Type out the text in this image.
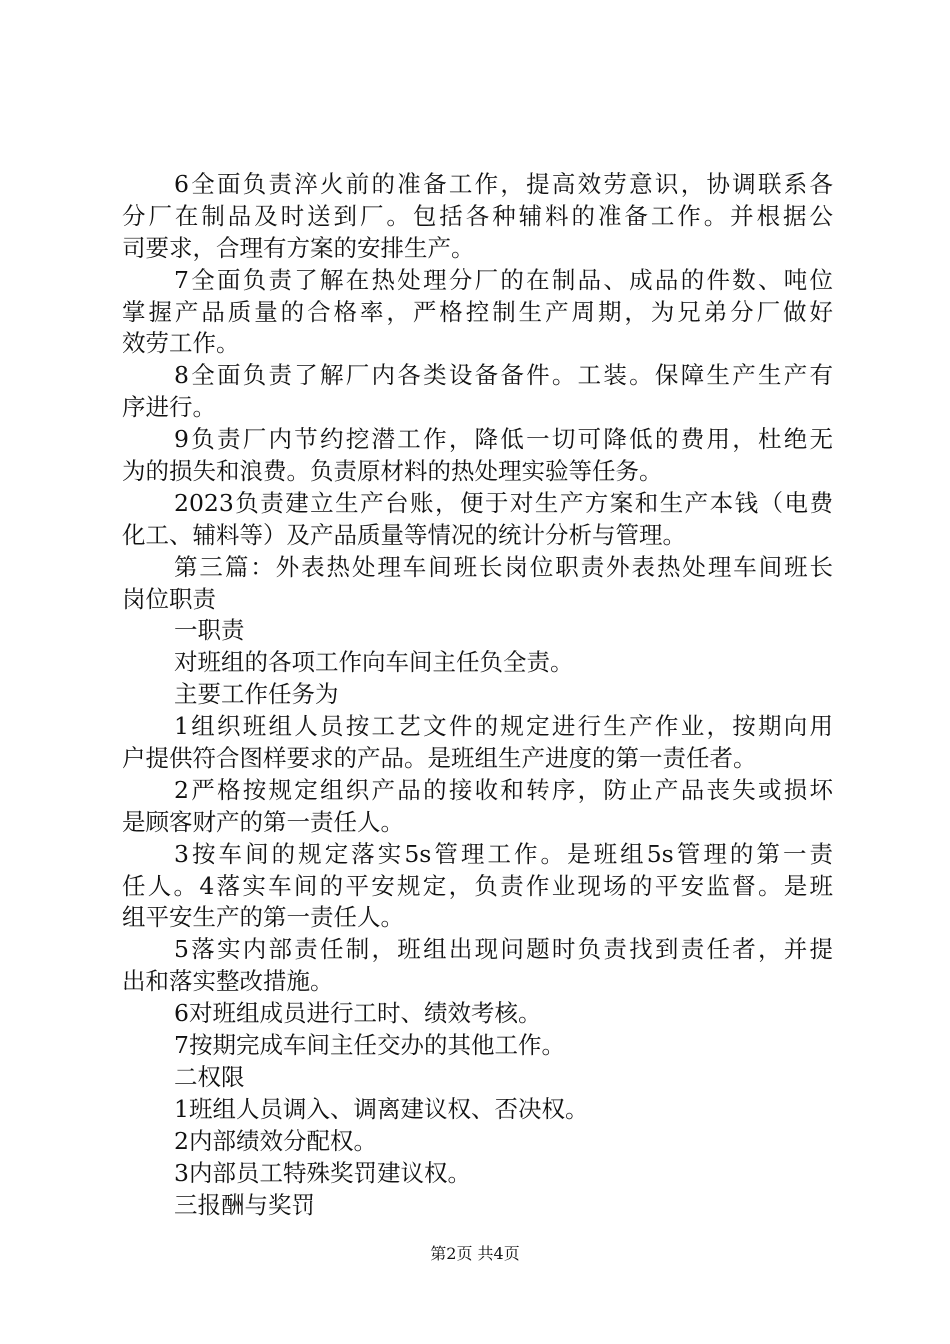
6全面负责淬火前的准备工作，提高效劳意识，协调联系各
分厂在制品及时送到厂。包括各种辅料的准备工作。并根据公
司要求，合理有方案的安排生产。
7全面负责了解在热处理分厂的在制品、成品的件数、吨位
掌握产品质量的合格率，严格控制生产周期，为兄弟分厂做好
效劳工作。
8全面负责了解厂内各类设备备件。工装。保障生产生产有
序进行。
9负责厂内节约挖潜工作，降低一切可降低的费用，杜绝无
为的损失和浪费。负责原材料的热处理实验等任务。
2023负责建立生产台账，便于对生产方案和生产本钱（电费
化工、辅料等）及产品质量等情况的统计分析与管理。
第三篇：外表热处理车间班长岗位职责外表热处理车间班长
岗位职责
一职责
对班组的各项工作向车间主任负全责。
主要工作任务为
1组织班组人员按工艺文件的规定进行生产作业，按期向用
户提供符合图样要求的产品。是班组生产进度的第一责任者。
2严格按规定组织产品的接收和转序，防止产品丧失或损坏
是顾客财产的第一责任人。
3按车间的规定落实5s管理工作。是班组5s管理的第一责
任人。4落实车间的平安规定，负责作业现场的平安监督。是班
组平安生产的第一责任人。
5落实内部责任制，班组出现问题时负责找到责任者，并提
出和落实整改措施。
6对班组成员进行工时、绩效考核。
7按期完成车间主任交办的其他工作。
二权限
1班组人员调入、调离建议权、否决权。
2内部绩效分配权。
3内部员工特殊奖罚建议权。
三报酬与奖罚
第2页 共4页
